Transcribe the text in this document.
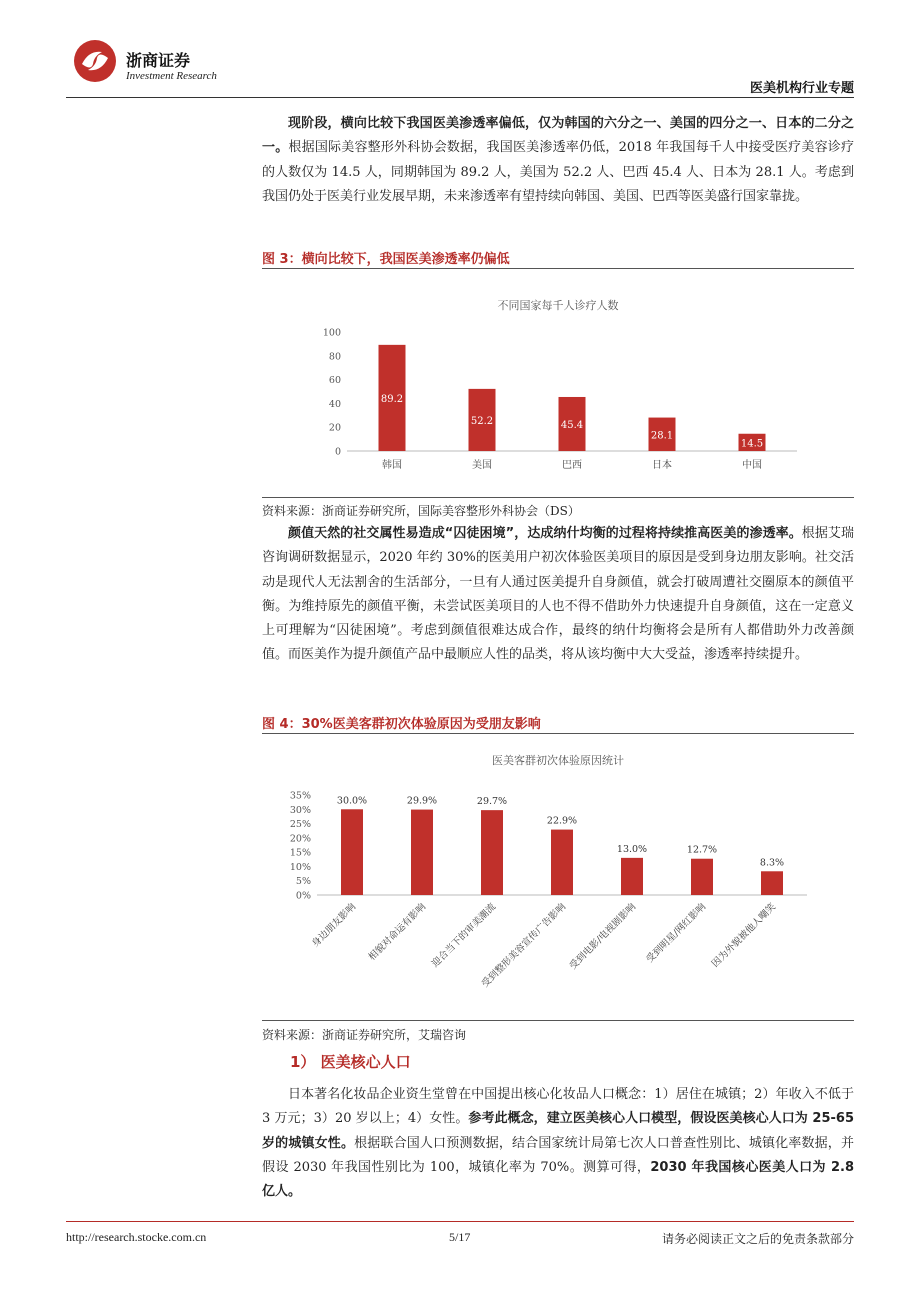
浙商证券
Investment Research
医美机构行业专题

现阶段，横向比较下我国医美渗透率偏低，仅为韩国的六分之一、美国的四分之一、日本的二分之一。根据国际美容整形外科协会数据，我国医美渗透率仍低，2018 年我国每千人中接受医疗美容诊疗的人数仅为 14.5 人，同期韩国为 89.2 人，美国为 52.2 人、巴西 45.4 人、日本为 28.1 人。考虑到我国仍处于医美行业发展早期，未来渗透率有望持续向韩国、美国、巴西等医美盛行国家靠拢。

图 3：横向比较下，我国医美渗透率仍偏低
不同国家每千人诊疗人数
0
20
40
60
80
100
89.2
韩国
52.2
美国
45.4
巴西
28.1
日本
14.5
中国
资料来源：浙商证券研究所，国际美容整形外科协会（DS）

颜值天然的社交属性易造成“囚徒困境”，达成纳什均衡的过程将持续推高医美的渗透率。根据艾瑞咨询调研数据显示，2020 年约 30%的医美用户初次体验医美项目的原因是受到身边朋友影响。社交活动是现代人无法割舍的生活部分，一旦有人通过医美提升自身颜值，就会打破周遭社交圈原本的颜值平衡。为维持原先的颜值平衡，未尝试医美项目的人也不得不借助外力快速提升自身颜值，这在一定意义上可理解为“囚徒困境”。考虑到颜值很难达成合作，最终的纳什均衡将会是所有人都借助外力改善颜值。而医美作为提升颜值产品中最顺应人性的品类，将从该均衡中大大受益，渗透率持续提升。

图 4：30%医美客群初次体验原因为受朋友影响
医美客群初次体验原因统计
0%
5%
10%
15%
20%
25%
30%
35%	30.0%
身边朋友影响
29.9%
相貌对命运有影响
29.7%
迎合当下的审美潮流
22.9%
受到整形美容宣传广告影响
13.0%
受到电影/电视剧影响
12.7%
受到明星/网红影响
8.3%
因为外貌被他人嘲笑
资料来源：浙商证券研究所，艾瑞咨询
1） 医美核心人口

日本著名化妆品企业资生堂曾在中国提出核心化妆品人口概念：1）居住在城镇；2）年收入不低于 3 万元；3）20 岁以上；4）女性。参考此概念，建立医美核心人口模型，假设医美核心人口为 25-65 岁的城镇女性。根据联合国人口预测数据，结合国家统计局第七次人口普查性别比、城镇化率数据，并假设 2030 年我国性别比为 100，城镇化率为 70%。测算可得，2030 年我国核心医美人口为 2.8 亿人。

http://research.stocke.com.cn	5/17	请务必阅读正文之后的免责条款部分
